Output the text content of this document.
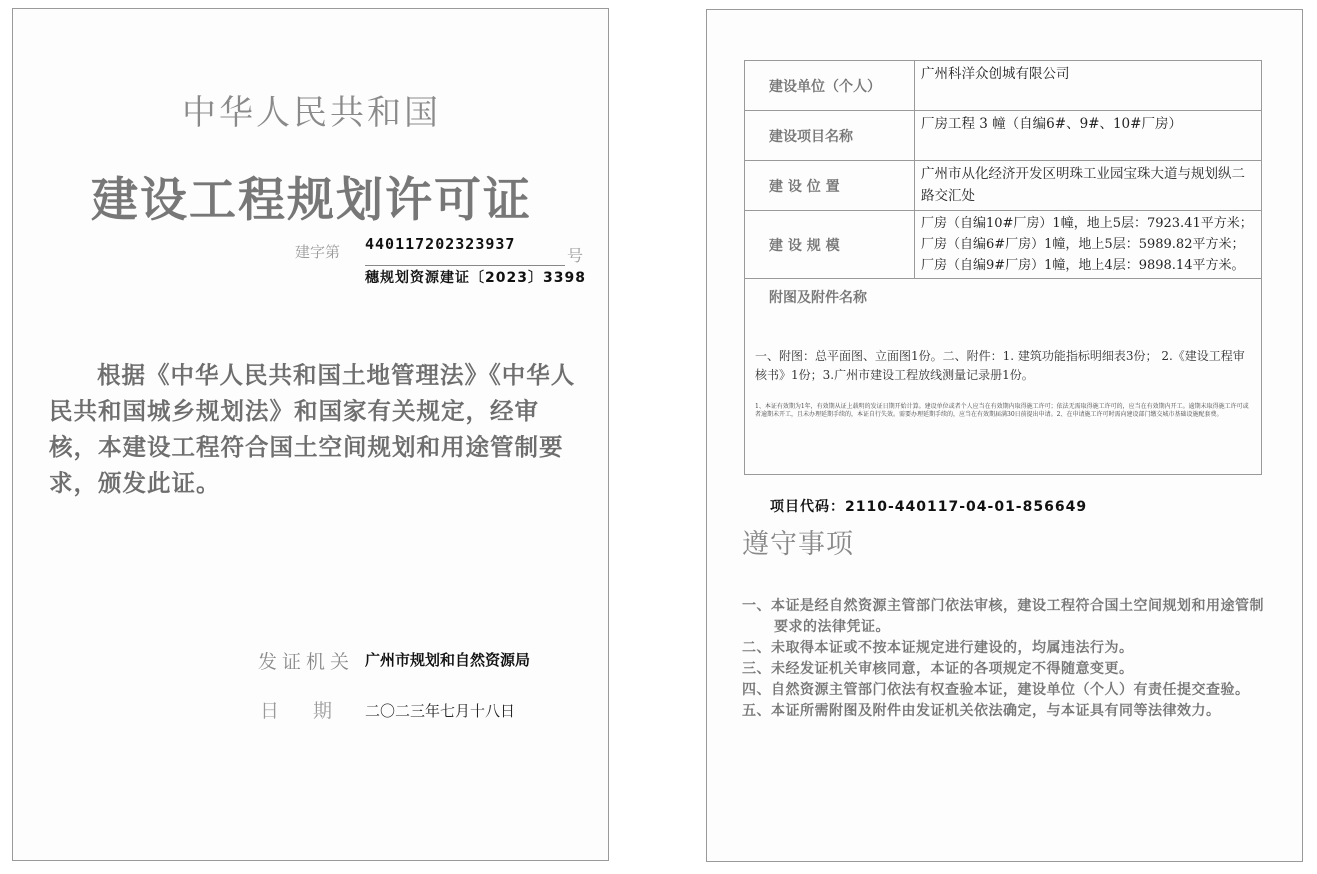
中华人民共和国
建设工程规划许可证
建字第 440117202323937
号
穗规划资源建证〔2023〕3398
根据《中华人民共和国土地管理法》《中华人民共和国城乡规划法》和国家有关规定，经审核，本建设工程符合国土空间规划和用途管制要求，颁发此证。
发证机关 广州市规划和自然资源局
日 期 二〇二三年七月十八日
建设单位（个人）	广州科洋众创城有限公司
建设项目名称	厂房工程 3 幢（自编6#、9#、10#厂房）
建 设 位 置	广州市从化经济开发区明珠工业园宝珠大道与规划纵二路交汇处
建 设 规 模	厂房（自编10#厂房）1幢，地上5层：7923.41平方米；厂房（自编6#厂房）1幢，地上5层：5989.82平方米；厂房（自编9#厂房）1幢，地上4层：9898.14平方米。

附图及附件名称
一、附图：总平面图、立面图1份。二、附件：1. 建筑功能指标明细表3份； 2.《建设工程审核书》1份；3.广州市建设工程放线测量记录册1份。
1、本证有效期为1年，有效期从证上载明的发证日期开始计算。建设单位或者个人应当在有效期内取得施工许可；依法无需取得施工许可的，应当在有效期内开工。逾期未取得施工许可或者逾期未开工，且未办理延期手续的，本证自行失效。需要办理延期手续的，应当在有效期届满30日前提出申请。2、在申请施工许可时需向建设部门缴交城市基础设施配套费。	
项目代码：2110-440117-04-01-856649
遵守事项
一、本证是经自然资源主管部门依法审核，建设工程符合国土空间规划和用途管制要求的法律凭证。
二、未取得本证或不按本证规定进行建设的，均属违法行为。
三、未经发证机关审核同意，本证的各项规定不得随意变更。
四、自然资源主管部门依法有权查验本证，建设单位（个人）有责任提交查验。
五、本证所需附图及附件由发证机关依法确定，与本证具有同等法律效力。
